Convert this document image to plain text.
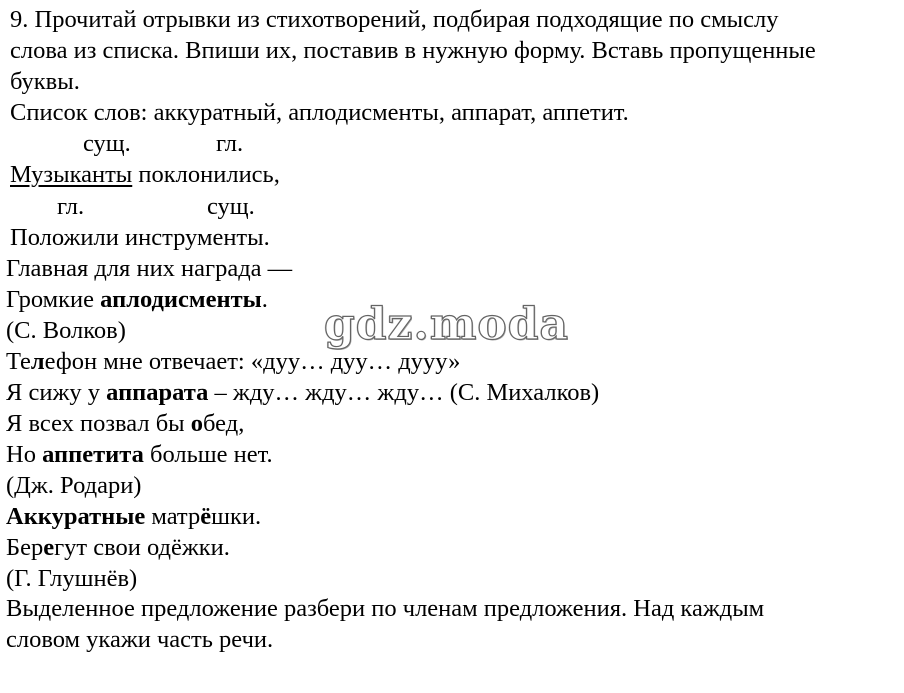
9. Прочитай отрывки из стихотворений, подбирая подходящие по смыслу
слова из списка. Впиши их, поставив в нужную форму. Вставь пропущенные
буквы.
Список слов: аккуратный, аплодисменты, аппарат, аппетит.
сущ.	гл.
Музыканты поклонились,
гл.	сущ.
Положили инструменты.
Главная для них награда —
Громкие аплодисменты.
(С. Волков)
Телефон мне отвечает: «дуу… дуу… дууу»
Я сижу у аппарата – жду… жду… жду… (С. Михалков)
Я всех позвал бы обед,
Но аппетита больше нет.
(Дж. Родари)
Аккуратные матрёшки.
Берегут свои одёжки.
(Г. Глушнёв)
Выделенное предложение разбери по членам предложения. Над каждым
словом укажи часть речи.
gdz.moda
